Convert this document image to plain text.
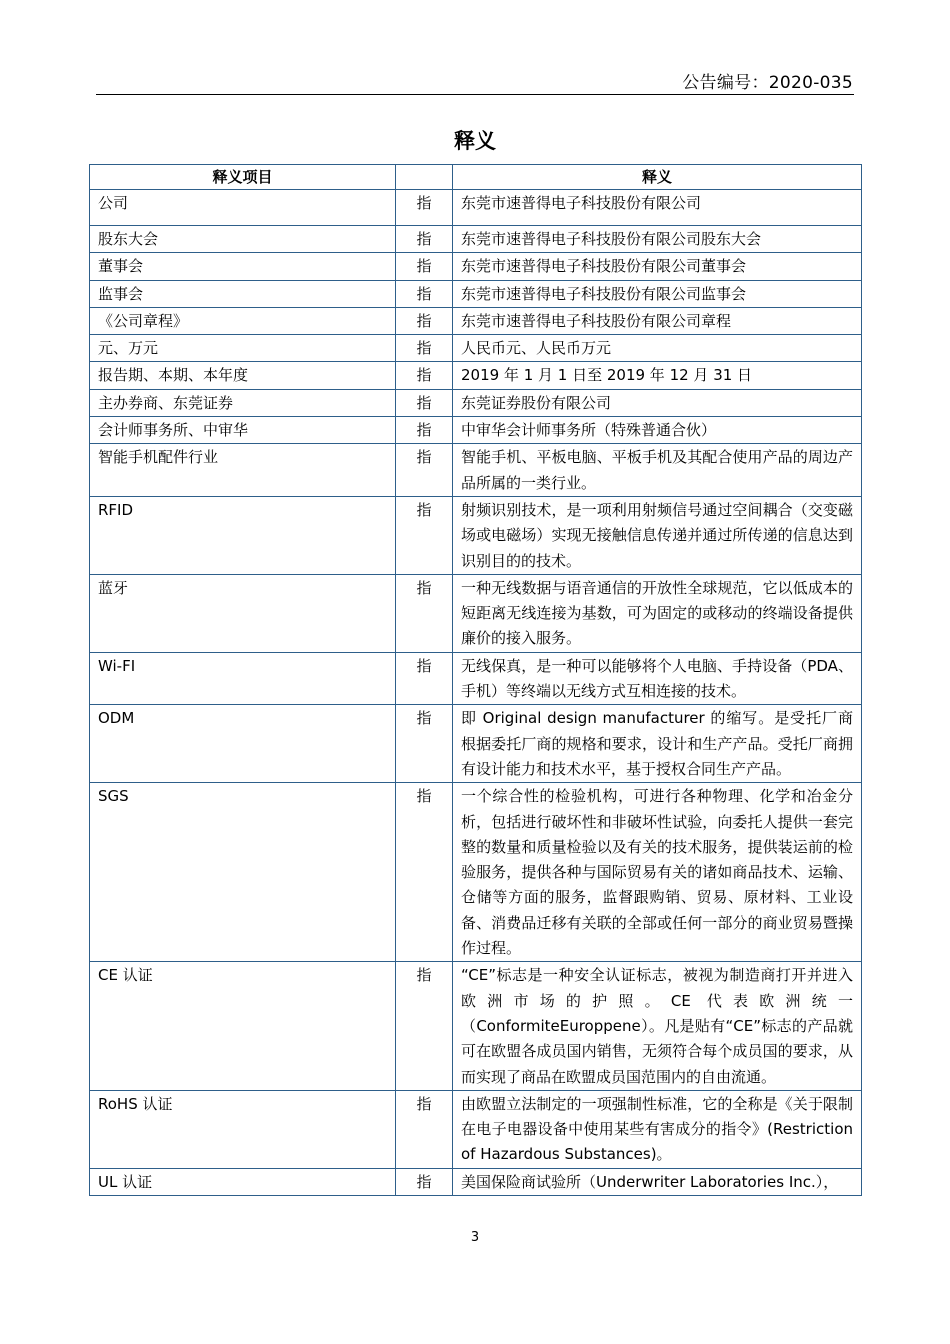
公告编号：2020-035
释义
释义项目		释义
公司	指	东莞市速普得电子科技股份有限公司
股东大会	指	东莞市速普得电子科技股份有限公司股东大会
董事会	指	东莞市速普得电子科技股份有限公司董事会
监事会	指	东莞市速普得电子科技股份有限公司监事会
《公司章程》	指	东莞市速普得电子科技股份有限公司章程
元、万元	指	人民币元、人民币万元
报告期、本期、本年度	指	2019 年 1 月 1 日至 2019 年 12 月 31 日
主办券商、东莞证券	指	东莞证券股份有限公司
会计师事务所、中审华	指	中审华会计师事务所（特殊普通合伙）
智能手机配件行业	指	智能手机、平板电脑、平板手机及其配合使用产品的周边产品所属的一类行业。
RFID	指	射频识别技术，是一项利用射频信号通过空间耦合（交变磁场或电磁场）实现无接触信息传递并通过所传递的信息达到识别目的的技术。
蓝牙	指	一种无线数据与语音通信的开放性全球规范，它以低成本的短距离无线连接为基数，可为固定的或移动的终端设备提供廉价的接入服务。
Wi-FI	指	无线保真，是一种可以能够将个人电脑、手持设备（PDA、手机）等终端以无线方式互相连接的技术。
ODM	指	即 Original design manufacturer 的缩写。是受托厂商根据委托厂商的规格和要求，设计和生产产品。受托厂商拥有设计能力和技术水平，基于授权合同生产产品。
SGS	指	一个综合性的检验机构，可进行各种物理、化学和冶金分析，包括进行破坏性和非破坏性试验，向委托人提供一套完整的数量和质量检验以及有关的技术服务，提供装运前的检验服务，提供各种与国际贸易有关的诸如商品技术、运输、仓储等方面的服务，监督跟购销、贸易、原材料、工业设备、消费品迁移有关联的全部或任何一部分的商业贸易暨操作过程。
CE 认证	指	“CE”标志是一种安全认证标志，被视为制造商打开并进入欧洲市场的护照。CE 代表欧洲统一（ConformiteEuroppene）。凡是贴有“CE”标志的产品就可在欧盟各成员国内销售，无须符合每个成员国的要求，从而实现了商品在欧盟成员国范围内的自由流通。
RoHS 认证	指	由欧盟立法制定的一项强制性标准，它的全称是《关于限制在电子电器设备中使用某些有害成分的指令》(Restriction of Hazardous Substances)。
UL 认证	指	美国保险商试验所（Underwriter Laboratories Inc.），
3
